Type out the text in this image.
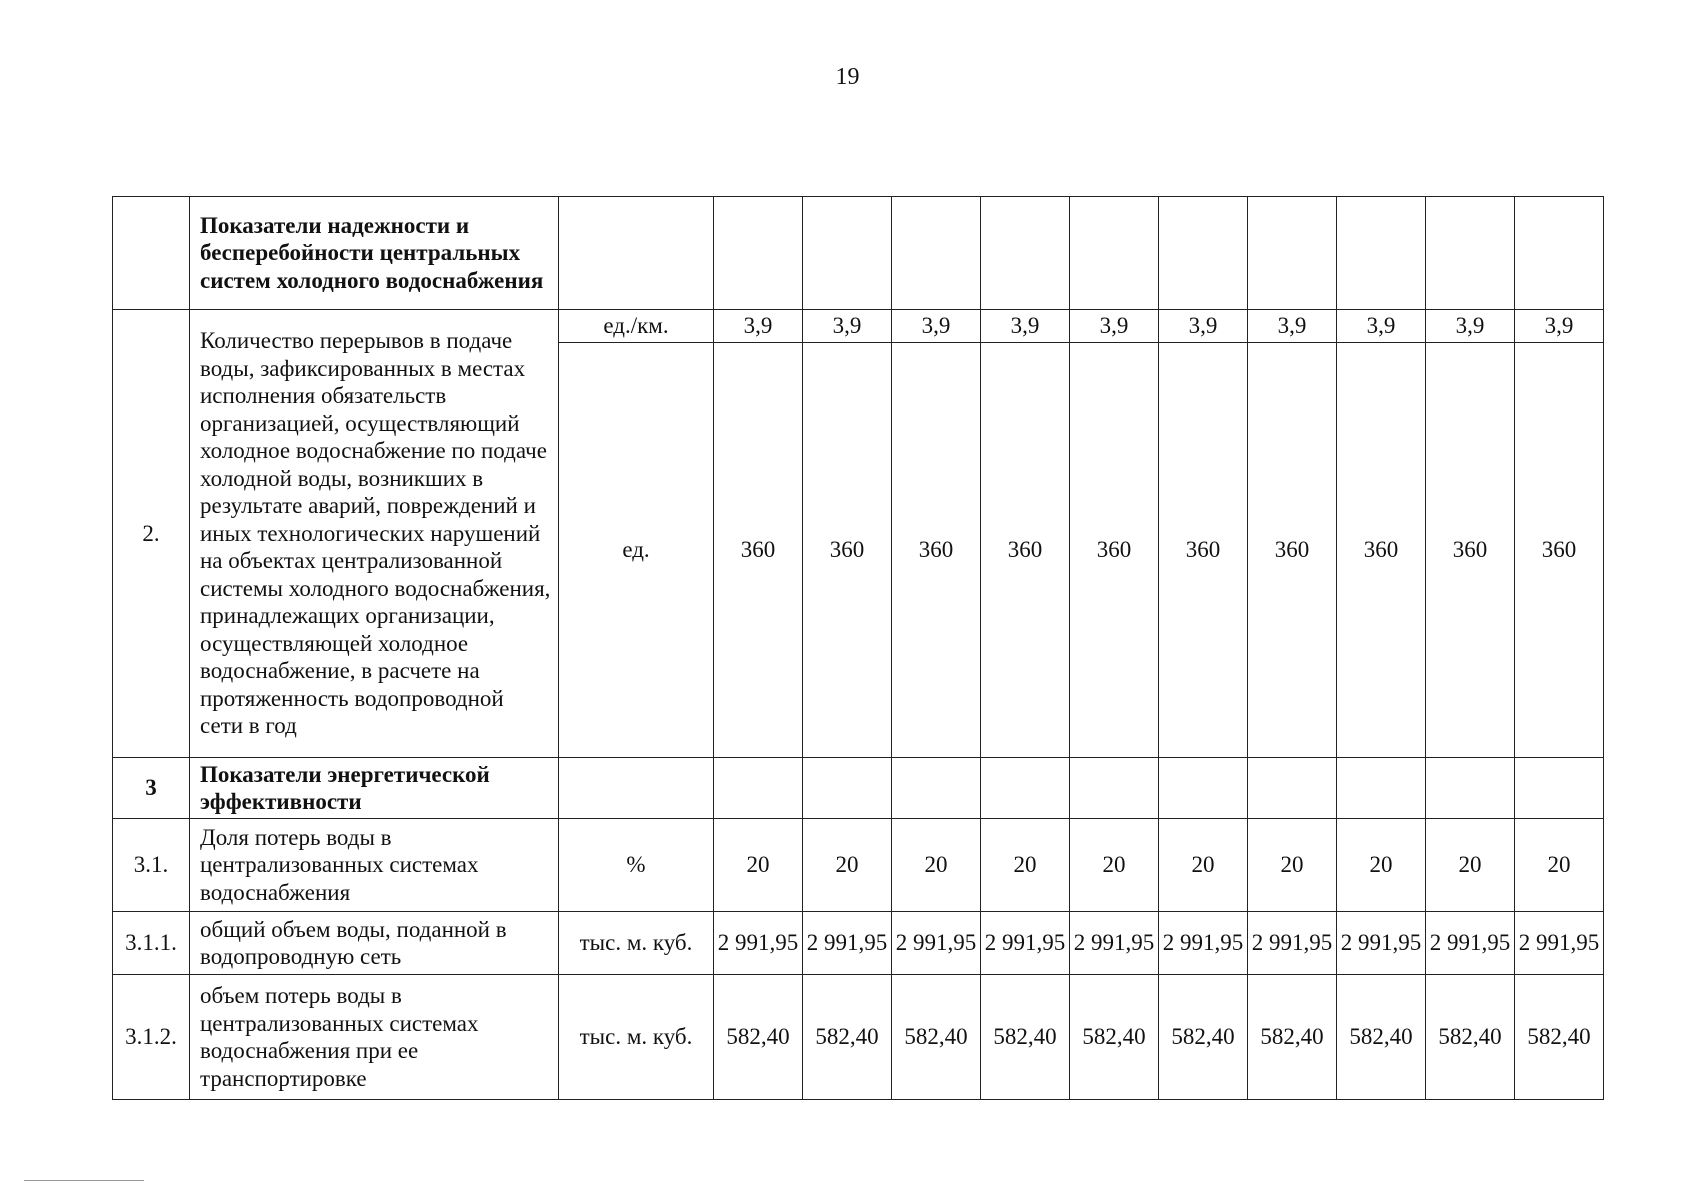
19
	Показатели надежности и бесперебойности центральных систем холодного водоснабжения											
2.	Количество перерывов в подаче воды, зафиксированных в местах исполнения обязательств организацией, осуществляющий холодное водоснабжение по подаче холодной воды, возникших в результате аварий, повреждений и иных технологических нарушений на объектах централизованной системы холодного водоснабжения, принадлежащих организации, осуществляющей холодное водоснабжение, в расчете на протяженность водопроводной сети в год	ед./км.	3,9	3,9	3,9	3,9	3,9	3,9	3,9	3,9	3,9	3,9
		ед.	360	360	360	360	360	360	360	360	360	360
3	Показатели энергетической эффективности											
3.1.	Доля потерь воды в централизованных системах водоснабжения	%	20	20	20	20	20	20	20	20	20	20
3.1.1.	общий объем воды, поданной в водопроводную сеть	тыс. м. куб.	2 991,95	2 991,95	2 991,95	2 991,95	2 991,95	2 991,95	2 991,95	2 991,95	2 991,95	2 991,95
3.1.2.	объем потерь воды в централизованных системах водоснабжения при ее транспортировке	тыс. м. куб.	582,40	582,40	582,40	582,40	582,40	582,40	582,40	582,40	582,40	582,40
